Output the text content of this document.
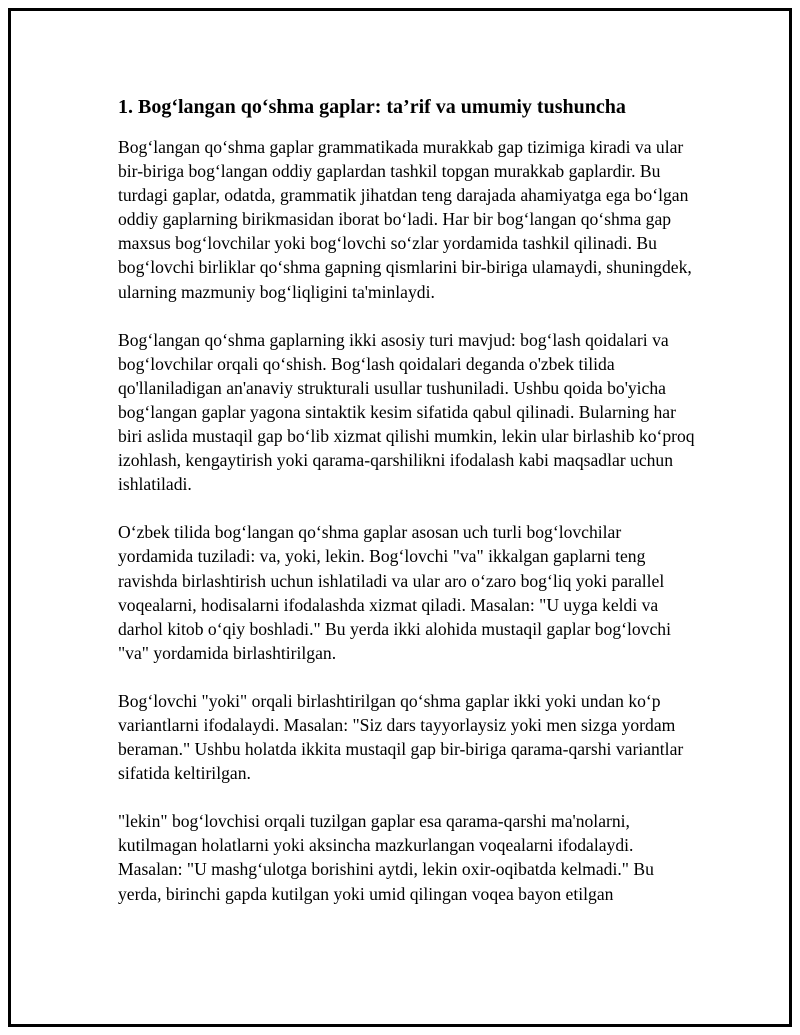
1. Bog‘langan qo‘shma gaplar: ta’rif va umumiy tushuncha

Bog‘langan qo‘shma gaplar grammatikada murakkab gap tizimiga kiradi va ular bir-biriga bog‘langan oddiy gaplardan tashkil topgan murakkab gaplardir. Bu turdagi gaplar, odatda, grammatik jihatdan teng darajada ahamiyatga ega bo‘lgan oddiy gaplarning birikmasidan iborat bo‘ladi. Har bir bog‘langan qo‘shma gap maxsus bog‘lovchilar yoki bog‘lovchi so‘zlar yordamida tashkil qilinadi. Bu bog‘lovchi birliklar qo‘shma gapning qismlarini bir-biriga ulamaydi, shuningdek, ularning mazmuniy bog‘liqligini ta'minlaydi.

Bog‘langan qo‘shma gaplarning ikki asosiy turi mavjud: bog‘lash qoidalari va bog‘lovchilar orqali qo‘shish. Bog‘lash qoidalari deganda o'zbek tilida qo'llaniladigan an'anaviy strukturali usullar tushuniladi. Ushbu qoida bo'yicha bog‘langan gaplar yagona sintaktik kesim sifatida qabul qilinadi. Bularning har biri aslida mustaqil gap bo‘lib xizmat qilishi mumkin, lekin ular birlashib ko‘proq izohlash, kengaytirish yoki qarama-qarshilikni ifodalash kabi maqsadlar uchun ishlatiladi.

O‘zbek tilida bog‘langan qo‘shma gaplar asosan uch turli bog‘lovchilar yordamida tuziladi: va, yoki, lekin. Bog‘lovchi "va" ikkalgan gaplarni teng ravishda birlashtirish uchun ishlatiladi va ular aro o‘zaro bog‘liq yoki parallel voqealarni, hodisalarni ifodalashda xizmat qiladi. Masalan: "U uyga keldi va darhol kitob o‘qiy boshladi." Bu yerda ikki alohida mustaqil gaplar bog‘lovchi "va" yordamida birlashtirilgan.

Bog‘lovchi "yoki" orqali birlashtirilgan qo‘shma gaplar ikki yoki undan ko‘p variantlarni ifodalaydi. Masalan: "Siz dars tayyorlaysiz yoki men sizga yordam beraman." Ushbu holatda ikkita mustaqil gap bir-biriga qarama-qarshi variantlar sifatida keltirilgan.

"lekin" bog‘lovchisi orqali tuzilgan gaplar esa qarama-qarshi ma'nolarni, kutilmagan holatlarni yoki aksincha mazkurlangan voqealarni ifodalaydi. Masalan: "U mashg‘ulotga borishini aytdi, lekin oxir-oqibatda kelmadi." Bu yerda, birinchi gapda kutilgan yoki umid qilingan voqea bayon etilgan
